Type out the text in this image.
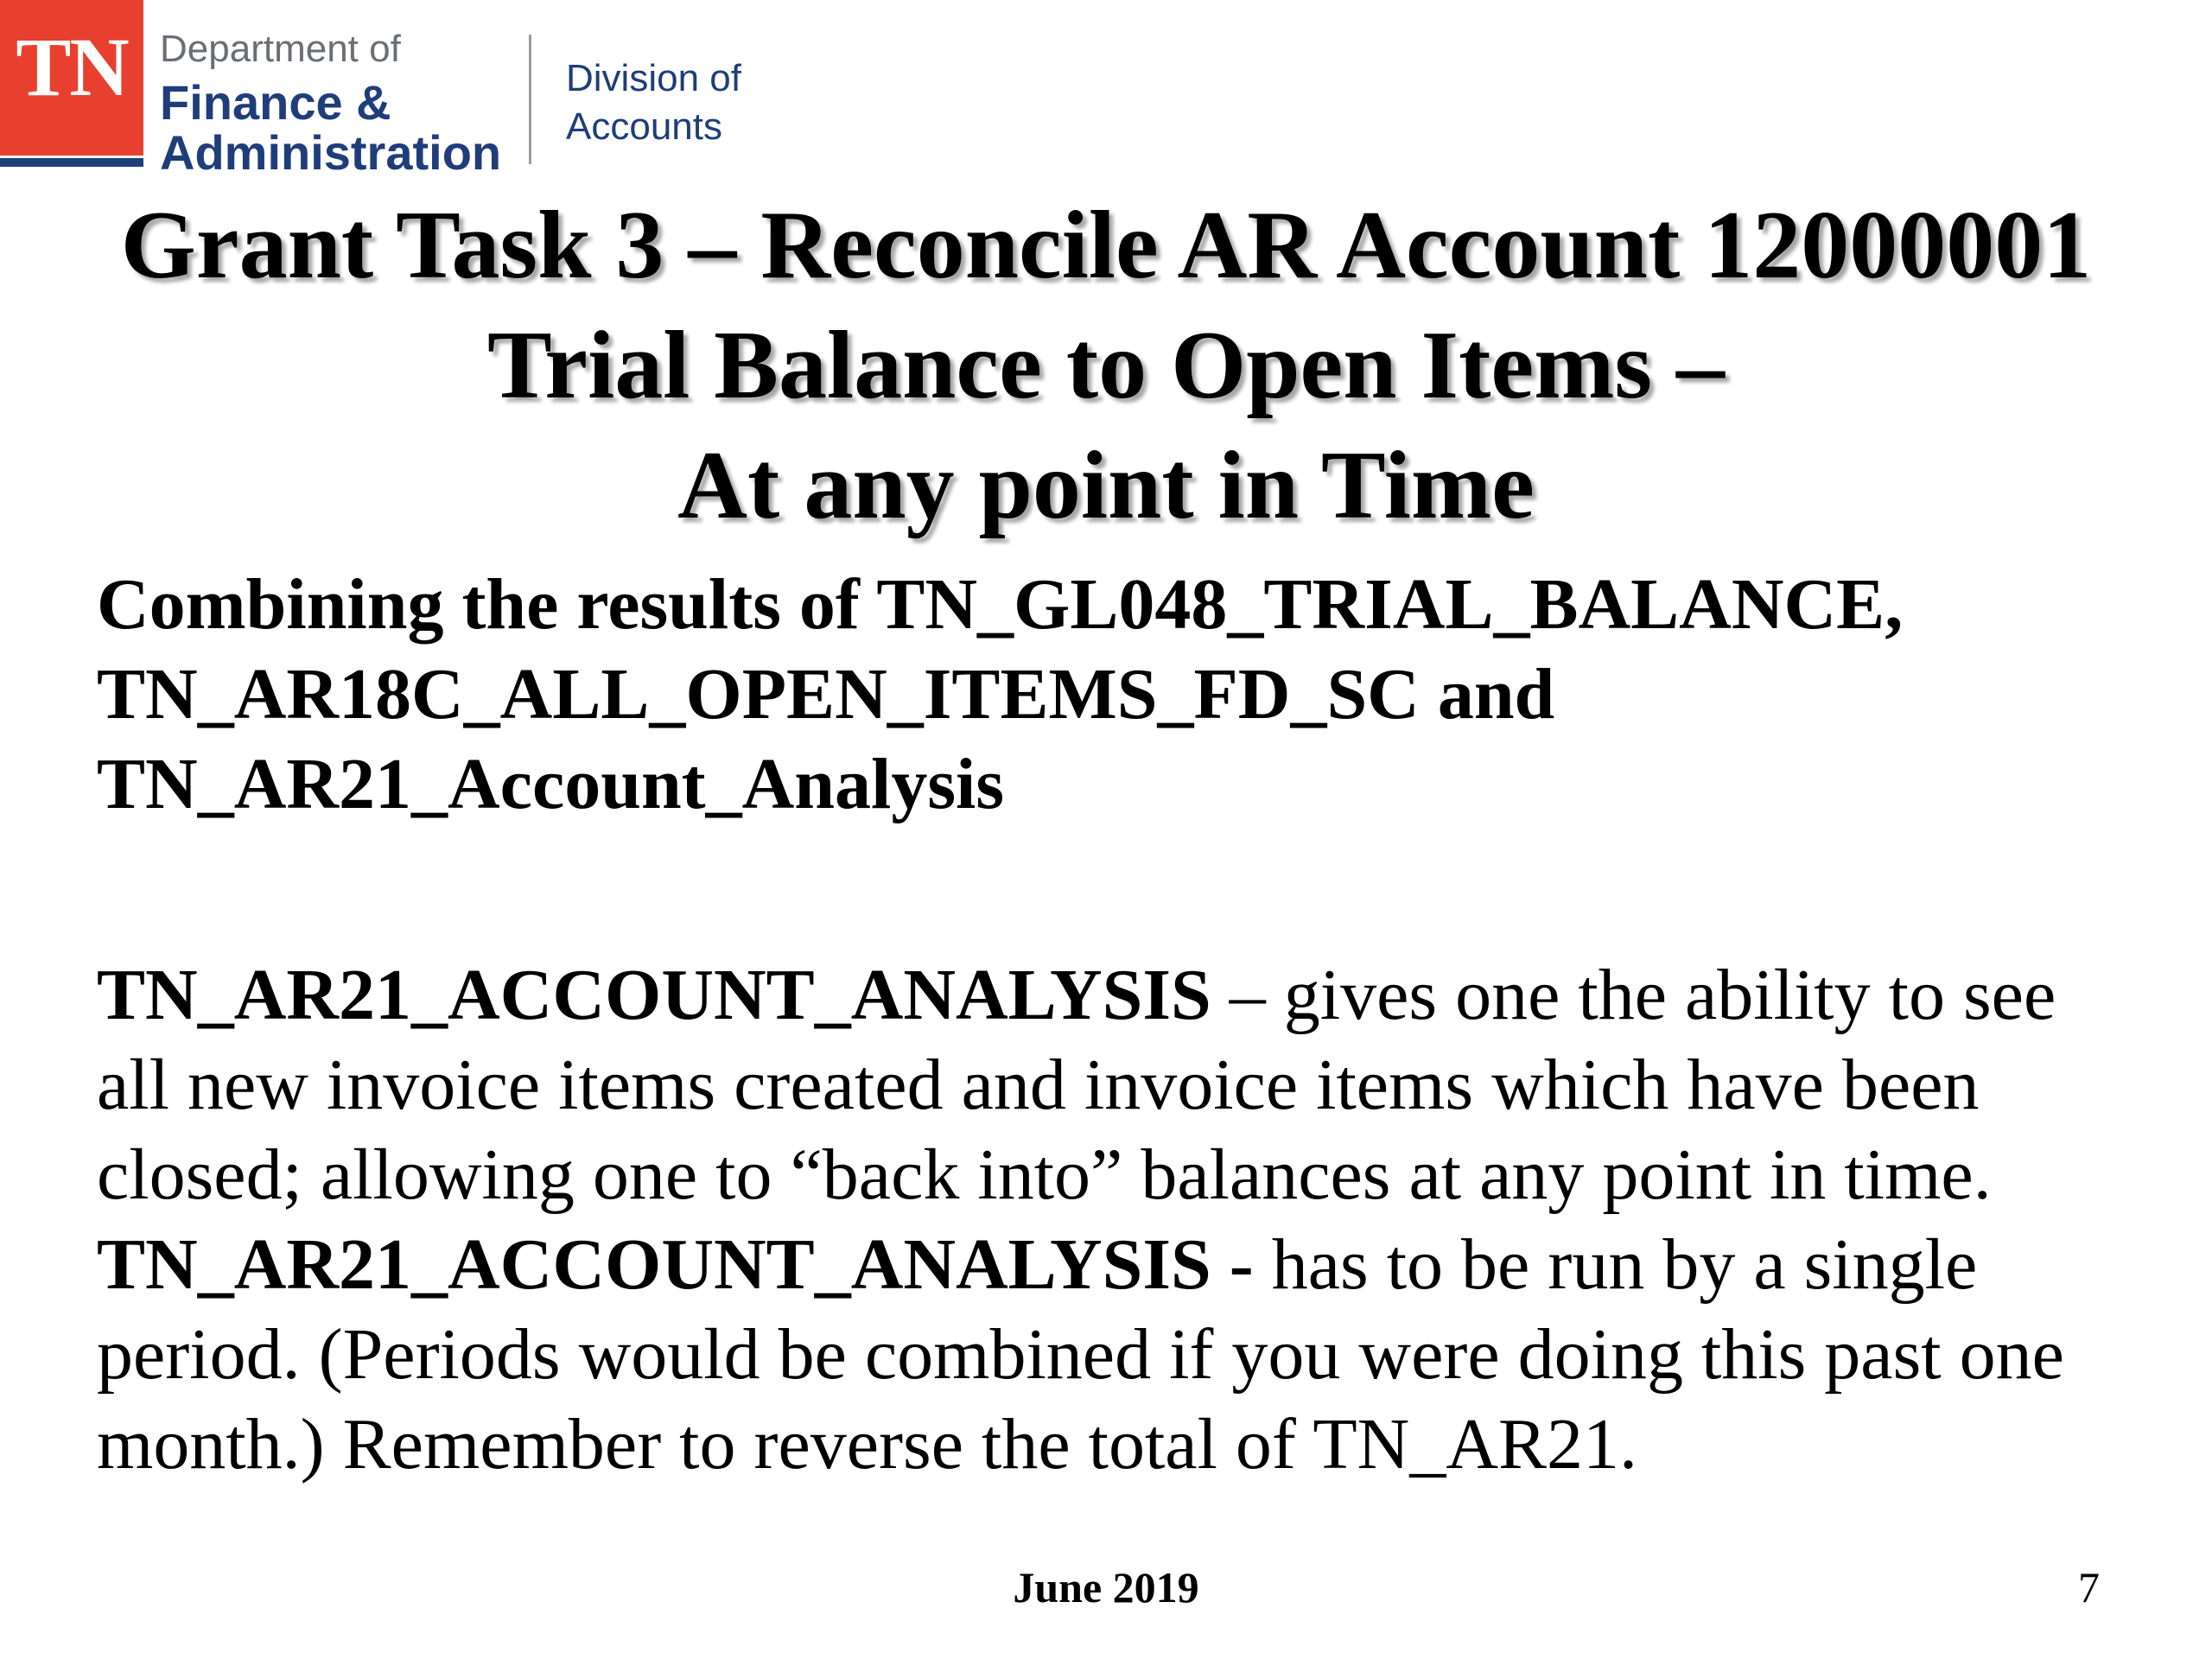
TN Department of
Finance &
Administration
Division of
Accounts
Grant Task 3 – Reconcile AR Account 12000001
Trial Balance to Open Items –
At any point in Time
Combining the results of TN_GL048_TRIAL_BALANCE,
TN_AR18C_ALL_OPEN_ITEMS_FD_SC and
TN_AR21_Account_Analysis
TN_AR21_ACCOUNT_ANALYSIS – gives one the ability to see
all new invoice items created and invoice items which have been
closed; allowing one to “back into” balances at any point in time.
TN_AR21_ACCOUNT_ANALYSIS - has to be run by a single
period. (Periods would be combined if you were doing this past one
month.) Remember to reverse the total of TN_AR21.
June 2019	7
